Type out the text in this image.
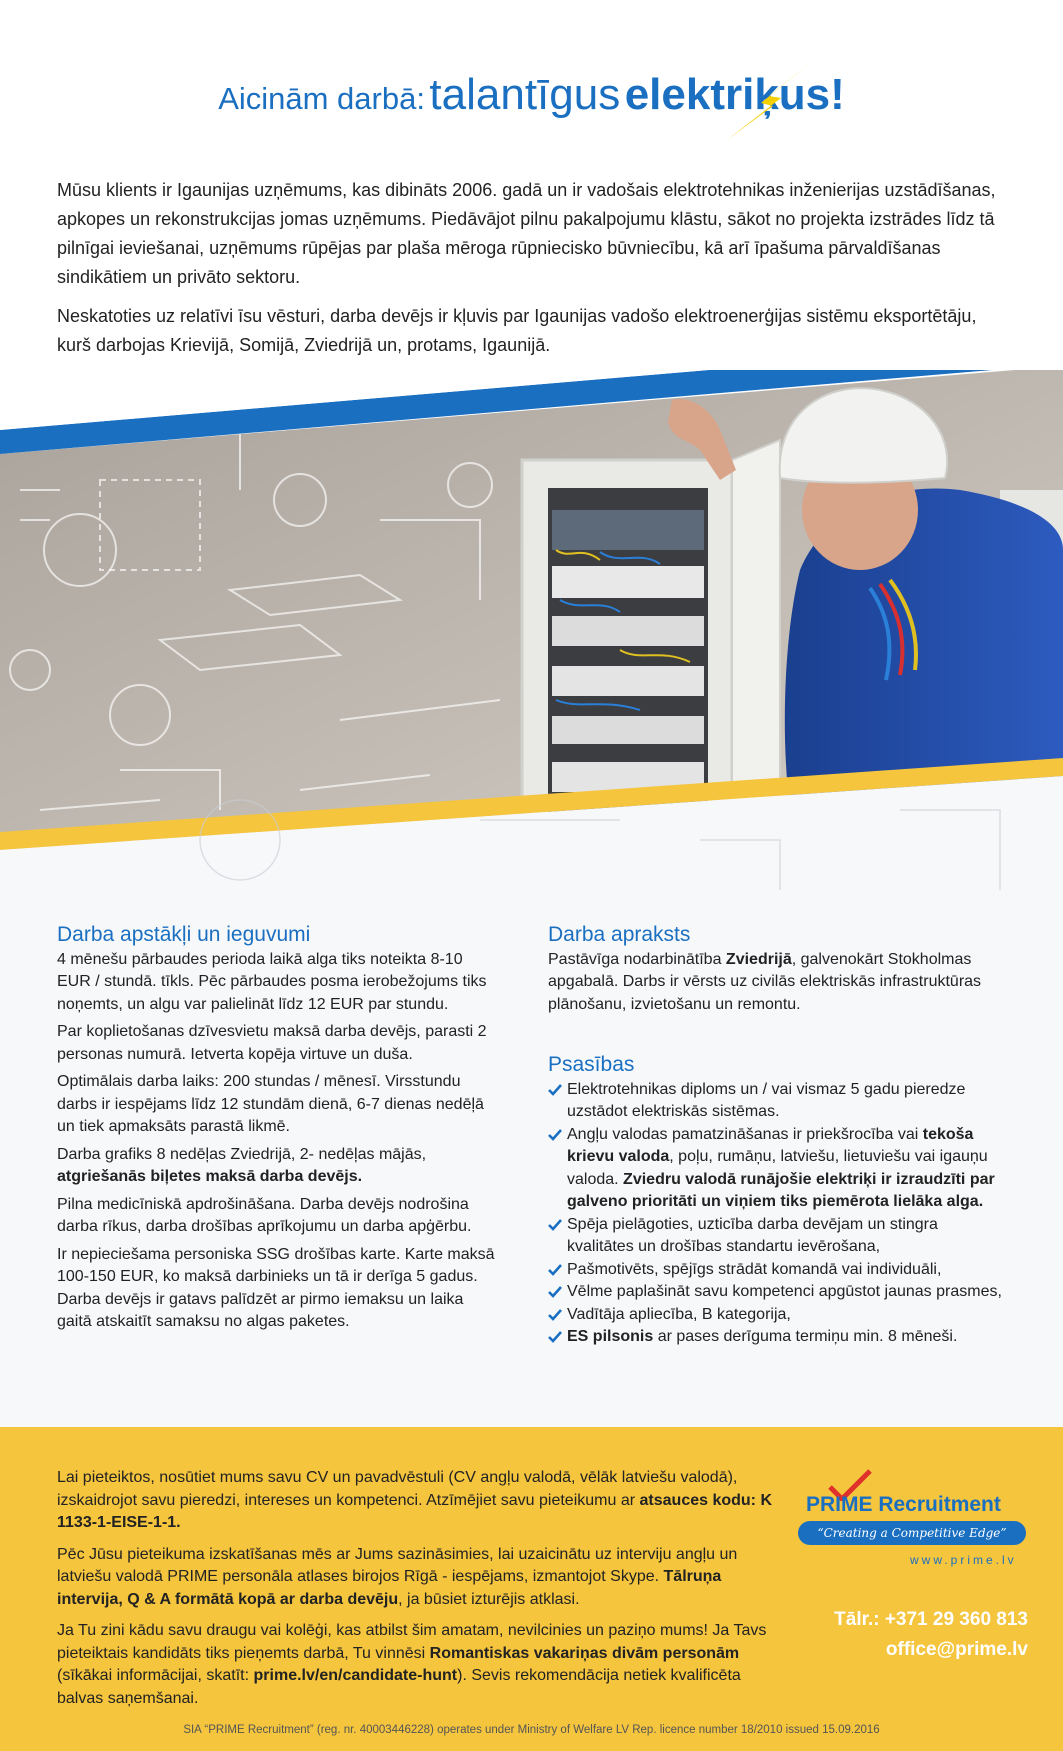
Aicinām darbā: talantīgus elektriķus!

Mūsu klients ir Igaunijas uzņēmums, kas dibināts 2006. gadā un ir vadošais elektrotehnikas inženierijas uzstādīšanas, apkopes un rekonstrukcijas jomas uzņēmums. Piedāvājot pilnu pakalpojumu klāstu, sākot no projekta izstrādes līdz tā pilnīgai ieviešanai, uzņēmums rūpējas par plaša mēroga rūpniecisko būvniecību, kā arī īpašuma pārvaldīšanas sindikātiem un privāto sektoru.

Neskatoties uz relatīvi īsu vēsturi, darba devējs ir kļuvis par Igaunijas vadošo elektroenerģijas sistēmu eksportētāju, kurš darbojas Krievijā, Somijā, Zviedrijā un, protams, Igaunijā.

Darba apstākļi un ieguvumi

4 mēnešu pārbaudes perioda laikā alga tiks noteikta 8-10 EUR / stundā. tīkls. Pēc pārbaudes posma ierobežojums tiks noņemts, un algu var palielināt līdz 12 EUR par stundu.

Par koplietošanas dzīvesvietu maksā darba devējs, parasti 2 personas numurā. Ietverta kopēja virtuve un duša.

Optimālais darba laiks: 200 stundas / mēnesī. Virsstundu darbs ir iespējams līdz 12 stundām dienā, 6-7 dienas nedēļā un tiek apmaksāts parastā likmē.

Darba grafiks 8 nedēļas Zviedrijā, 2- nedēļas mājās, atgriešanās biļetes maksā darba devējs.

Pilna medicīniskā apdrošināšana. Darba devējs nodrošina darba rīkus, darba drošības aprīkojumu un darba apģērbu.

Ir nepieciešama personiska SSG drošības karte. Karte maksā 100-150 EUR, ko maksā darbinieks un tā ir derīga 5 gadus. Darba devējs ir gatavs palīdzēt ar pirmo iemaksu un laika gaitā atskaitīt samaksu no algas paketes.

Darba apraksts

Pastāvīga nodarbinātība Zviedrijā, galvenokārt Stokholmas apgabalā. Darbs ir vērsts uz civilās elektriskās infrastruktūras plānošanu, izvietošanu un remontu.

Psasības
Elektrotehnikas diploms un / vai vismaz 5 gadu pieredze uzstādot elektriskās sistēmas.
Angļu valodas pamatzināšanas ir priekšrocība vai tekoša krievu valoda, poļu, rumāņu, latviešu, lietuviešu vai igauņu valoda. Zviedru valodā runājošie elektriķi ir izraudzīti par galveno prioritāti un viņiem tiks piemērota lielāka alga.
Spēja pielāgoties, uzticība darba devējam un stingra kvalitātes un drošības standartu ievērošana,
Pašmotivēts, spējīgs strādāt komandā vai individuāli,
Vēlme paplašināt savu kompetenci apgūstot jaunas prasmes,
Vadītāja apliecība, B kategorija,
ES pilsonis ar pases derīguma termiņu min. 8 mēneši.

Lai pieteiktos, nosūtiet mums savu CV un pavadvēstuli (CV angļu valodā, vēlāk latviešu valodā), izskaidrojot savu pieredzi, intereses un kompetenci. Atzīmējiet savu pieteikumu ar atsauces kodu: K 1133-1-EISE-1-1.

Pēc Jūsu pieteikuma izskatīšanas mēs ar Jums sazināsimies, lai uzaicinātu uz interviju angļu un latviešu valodā PRIME personāla atlases birojos Rīgā - iespējams, izmantojot Skype. Tālruņa intervija, Q & A formātā kopā ar darba devēju, ja būsiet izturējis atklasi.

Ja Tu zini kādu savu draugu vai kolēģi, kas atbilst šim amatam, nevilcinies un paziņo mums! Ja Tavs pieteiktais kandidāts tiks pieņemts darbā, Tu vinnēsi Romantiskas vakariņas divām personām (sīkākai informācijai, skatīt: prime.lv/en/candidate-hunt). Sevis rekomendācija netiek kvalificēta balvas saņemšanai.

PRIME Recruitment
“Creating a Competitive Edge”
www.prime.lv
Tālr.: +371 29 360 813
office@prime.lv
SIA “PRIME Recruitment” (reg. nr. 40003446228) operates under Ministry of Welfare LV Rep. licence number 18/2010 issued 15.09.2016
